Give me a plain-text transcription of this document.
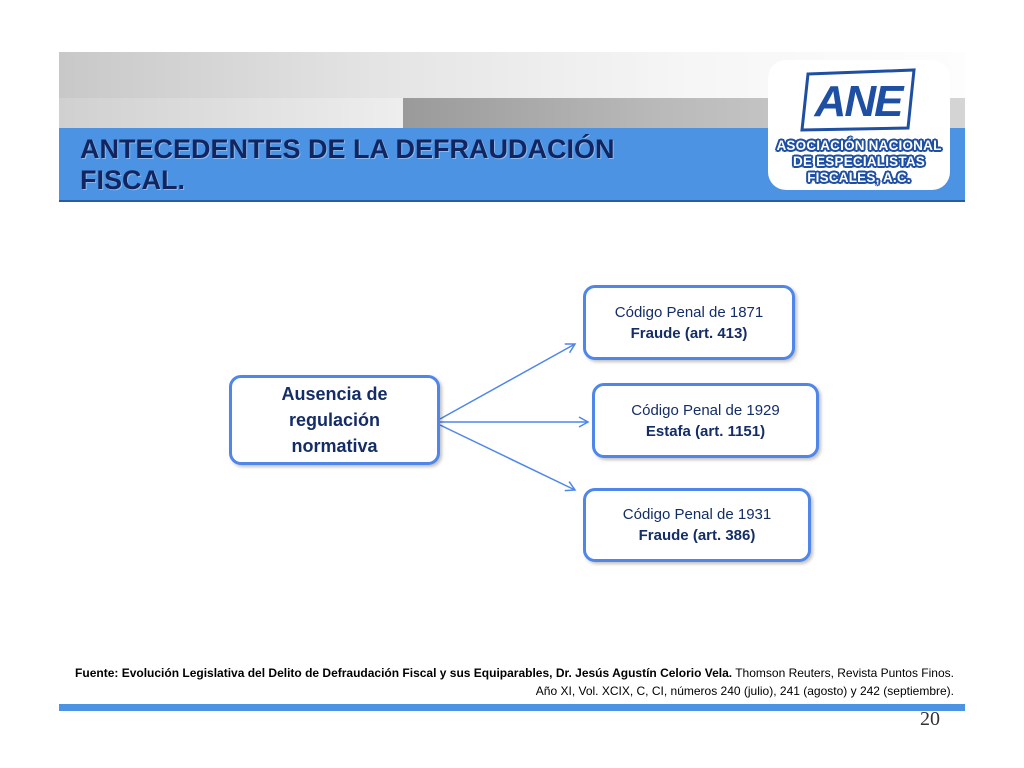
ANTECEDENTES DE LA DEFRAUDACIÓN FISCAL.
ANE
ASOCIACIÓN NACIONAL
DE ESPECIALISTAS
FISCALES, A.C.
Ausencia de regulación normativa
Código Penal de 1871
Fraude (art. 413)
Código Penal de 1929
Estafa (art. 1151)
Código Penal de 1931
Fraude (art. 386)

Fuente: Evolución Legislativa del Delito de Defraudación Fiscal y sus Equiparables, Dr. Jesús Agustín Celorio Vela. Thomson Reuters, Revista Puntos Finos. Año XI, Vol. XCIX, C, CI, números 240 (julio), 241 (agosto) y 242 (septiembre).

20
